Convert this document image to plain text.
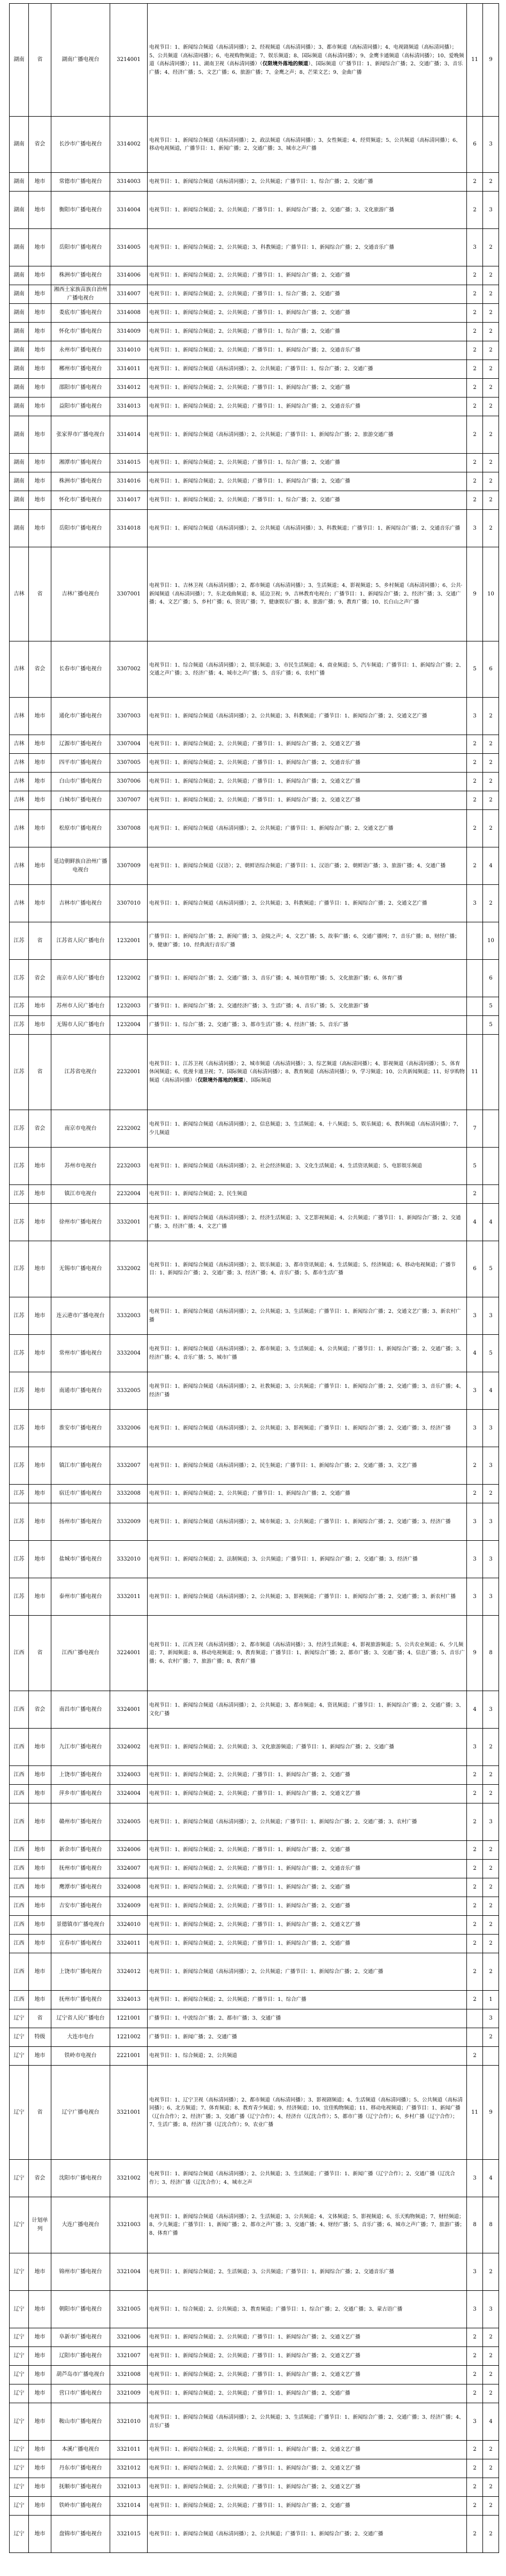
湖南	省	湖南广播电视台	3214001	电视节目：1、新闻综合频道（高标清同播）；2、经视频道（高标清同播）；3、都市频道（高标清同播）；4、电视剧频道（高标清同播）；5、公共频道（高标清同播）；6、电视购物频道；7、娱乐频道；8、国际频道（高标清同播）；9、金鹰卡通频道（高标清同播）；10、爱晚频道（高标清同播）；11、湖南卫视（高标清同播）（仅限境外落地的频道）、国际频道（广播节目：1、新闻综合广播；2、交通广播；3、音乐广播；4、经济广播；5、文艺广播；6、旅游广播；7、金鹰之声；8、芒果文艺；9、金曲广播	11	9
湖南	省会	长沙市广播电视台	3314002	电视节目：1、新闻综合频道（高标清同播）；2、政法频道（高标清同播）；3、女性频道；4、经贸频道；5、公共频道（高标清同播）；6、移动电视频道，广播节目：1、新闻广播；2、交通广播；3、城市之声广播	6	3
湖南	地市	常德市广播电视台	3314003	电视节目：1、新闻综合频道（高标清同播）；2、公共频道；广播节目：1、综合广播；2、交通广播	2	2
湖南	地市	衡阳市广播电视台	3314004	电视节目：1、新闻综合频道；2、公共频道；广播节目：1、新闻综合广播；2、交通广播；3、文化旅游广播	2	3
湖南	地市	岳阳市广播电视台	3314005	电视节目：1、新闻综合频道；2、公共频道；3、科教频道；广播节目：1、新闻综合广播；2、交通音乐广播	3	2
湖南	地市	株洲市广播电视台	3314006	电视节目：1、新闻综合频道；2、公共频道；广播节目：1、新闻综合广播；2、交通广播	2	2
湖南	地市	湘西土家族苗族自治州广播电视台	3314007	电视节目：1、新闻综合频道；2、公共频道；广播节目：1、综合广播；2、交通广播	2	2
湖南	地市	娄底市广播电视台	3314008	电视节目：1、新闻综合频道；2、公共频道；广播节目：1、新闻综合广播；2、交通广播	2	2
湖南	地市	怀化市广播电视台	3314009	电视节目：1、新闻综合频道；2、公共频道；广播节目：1、综合广播；2、交通广播	2	2
湖南	地市	永州市广播电视台	3314010	电视节目：1、新闻综合频道；2、公共频道；广播节目：1、新闻综合广播；2、交通音乐广播	2	2
湖南	地市	郴州市广播电视台	3314011	电视节目：1、新闻综合频道（高标清同播）；2、公共频道；广播节目：1、综合广播；2、交通广播	2	2
湖南	地市	邵阳市广播电视台	3314012	电视节目：1、新闻综合频道；2、公共频道；广播节目：1、新闻综合广播；2、交通广播	2	2
湖南	地市	益阳市广播电视台	3314013	电视节目：1、新闻综合频道；2、公共频道；广播节目：1、新闻综合广播；2、交通音乐广播	2	2
湖南	地市	张家界市广播电视台	3314014	电视节目：1、新闻综合频道（高标清同播）；2、公共频道；广播节目：1、新闻综合广播；2、旅游交通广播	2	2
湖南	地市	湘潭市广播电视台	3314015	电视节目：1、新闻综合频道；2、公共频道；广播节目：1、综合广播；2、交通广播	2	2
湖南	地市	株洲市广播电视台	3314016	电视节目：1、新闻综合频道；2、公共频道；广播节目：1、新闻综合广播；2、交通广播	2	2
湖南	地市	怀化市广播电视台	3314017	电视节目：1、新闻综合频道；2、公共频道；广播节目：1、综合广播；2、交通广播	2	2
湖南	地市	岳阳市广播电视台	3314018	电视节目：1、新闻综合频道（高标清同播）；2、公共频道（高标清同播）；3、科教频道；广播节目：1、新闻综合广播；2、交通音乐广播	3	2
吉林	省	吉林广播电视台	3307001	电视节目：1、吉林卫视（高标清同播）；2、都市频道（高标清同播）；3、生活频道；4、影视频道；5、乡村频道（高标清同播）；6、公共·新闻频道（高标清同播）；7、东北戏曲频道；8、延边卫视；9、吉林教育电视台；广播节目：1、新闻综合广播；2、经济广播；3、交通广播；4、文艺广播；5、乡村广播；6、资讯广播；7、健康娱乐广播；8、旅游广播；9、教育广播；10、长白山之声广播	9	10
吉林	省会	长春市广播电视台	3307002	电视节目：1、综合频道（高标清同播）；2、娱乐频道；3、市民生活频道；4、商业频道；5、汽车频道；广播节目：1、新闻综合广播；2、交通之声广播；3、经济广播；4、城市之声广播；5、音乐广播；6、农村广播	5	6
吉林	地市	通化市广播电视台	3307003	电视节目：1、新闻综合频道（高标清同播）；2、公共频道；3、科教频道；广播节目：1、新闻综合广播；2、交通文艺广播	3	2
吉林	地市	辽源市广播电视台	3307004	电视节目：1、新闻综合频道；2、公共频道；广播节目：1、新闻综合广播；2、交通文艺广播	2	2
吉林	地市	四平市广播电视台	3307005	电视节目：1、新闻综合频道；2、公共频道；广播节目：1、新闻综合广播；2、交通音乐广播	2	2
吉林	地市	白山市广播电视台	3307006	电视节目：1、新闻综合频道；2、公共频道；广播节目：1、新闻综合广播；2、交通文艺广播	2	2
吉林	地市	白城市广播电视台	3307007	电视节目：1、新闻综合频道；2、公共频道；广播节目：1、新闻综合广播；2、交通文艺广播	2	2
吉林	地市	松原市广播电视台	3307008	电视节目：1、新闻综合频道（高标清同播）；2、公共频道；广播节目：1、新闻综合广播；2、交通文艺广播	2	2
吉林	地市	延边朝鲜族自治州广播电视台	3307009	电视节目：1、新闻综合频道（汉语）；2、朝鲜语综合频道；广播节目：1、汉语广播；2、朝鲜语广播；3、旅游广播；4、交通广播	2	4
吉林	地市	吉林市广播电视台	3307010	电视节目：1、新闻综合频道（高标清同播）；2、公共频道；3、科教频道；广播节目：1、新闻综合广播；2、交通文艺广播	3	2
江苏	省	江苏省人民广播电台	1232001	广播节目：1、新闻综合广播；2、新闻广播；3、金陵之声；4、文艺广播；5、故事广播；6、交通广播网；7、音乐广播；8、财经广播；9、健康广播；10、经典流行音乐广播		10
江苏	省会	南京市人民广播电台	1232002	广播节目：1、新闻综合广播；2、交通广播；3、音乐广播；4、城市管理广播；5、文化旅游广播；6、体育广播		6
江苏	地市	苏州市人民广播电台	1232003	广播节目：1、新闻综合广播；2、交通经济广播；3、生活广播；4、音乐广播；5、文化旅游广播		5
江苏	地市	无锡市人民广播电台	1232004	广播节目：1、综合广播；2、交通广播；3、都市生活广播；4、经济广播；5、音乐广播		5
江苏	省	江苏省电视台	2232001	电视节目：1、江苏卫视（高标清同播）；2、城市频道（高标清同播）；3、综艺频道（高标清同播）；4、影视频道（高标清同播）；5、体育休闲频道；6、优漫卡通卫视；7、国际频道（高标清同播）；8、教育频道（高标清同播）；9、学习频道；10、公共新闻频道；11、好享购物频道（高标清同播）（仅限境外落地的频道）、国际频道	11	
江苏	省会	南京市电视台	2232002	电视节目：1、新闻综合频道（高标清同播）；2、信息频道；3、生活频道；4、十八频道；5、娱乐频道；6、教科频道（高标清同播）；7、少儿频道	7	
江苏	地市	苏州市电视台	2232003	电视节目：1、新闻综合频道（高标清同播）；2、社会经济频道；3、文化生活频道；4、生活资讯频道；5、电影娱乐频道	5	
江苏	地市	镇江市电视台	2232004	电视节目：1、新闻综合频道；2、民生频道	2	
江苏	地市	徐州市广播电视台	3332001	电视节目：1、新闻综合频道（高标清同播）；2、经济生活频道；3、文艺影视频道；4、公共频道；广播节目：1、新闻综合广播；2、交通广播；3、经济广播；4、文艺广播	4	4
江苏	地市	无锡市广播电视台	3332002	电视节目：1、新闻综合频道（高标清同播）；2、娱乐频道；3、都市资讯频道；4、生活频道；5、经济频道；6、移动电视频道；广播节目：1、新闻综合广播；2、交通广播；3、经济广播；4、音乐广播；5、都市生活广播	6	5
江苏	地市	连云港市广播电视台	3332003	电视节目：1、新闻综合频道（高标清同播）；2、公共频道；3、生活频道；广播节目：1、新闻综合广播；2、交通文艺广播；3、新农村广播	3	3
江苏	地市	常州市广播电视台	3332004	电视节目：1、新闻综合频道（高标清同播）；2、都市频道；3、生活频道；4、公共频道；广播节目：1、新闻综合广播；2、交通广播；3、经济广播；4、音乐广播；5、城市广播	4	5
江苏	地市	南通市广播电视台	3332005	电视节目：1、新闻综合频道（高标清同播）；2、社教频道；3、公共频道；广播节目：1、新闻综合广播；2、交通广播；3、音乐广播；4、经济广播	3	4
江苏	地市	淮安市广播电视台	3332006	电视节目：1、新闻综合频道（高标清同播）；2、公共频道；3、影视频道；广播节目：1、新闻综合广播；2、交通广播；3、经济广播	3	3
江苏	地市	镇江市广播电视台	3332007	电视节目：1、新闻综合频道（高标清同播）；2、民生频道；广播节目：1、新闻综合广播；2、交通广播；3、文艺广播	2	3
江苏	地市	宿迁市广播电视台	3332008	电视节目：1、新闻综合频道；2、公共频道；广播节目：1、新闻综合广播；2、交通广播	2	2
江苏	地市	扬州市广播电视台	3332009	电视节目：1、新闻综合频道（高标清同播）；2、城市频道；3、公共频道；广播节目：1、新闻综合广播；2、交通广播；3、经济广播	3	3
江苏	地市	盐城市广播电视台	3332010	电视节目：1、新闻综合频道；2、法制频道；3、公共频道；广播节目：1、新闻综合广播；2、交通广播；3、经济广播	3	3
江苏	地市	泰州市广播电视台	3332011	电视节目：1、新闻综合频道（高标清同播）；2、公共频道；3、影视频道；广播节目：1、新闻综合广播；2、交通广播；3、新农村广播	3	3
江西	省	江西广播电视台	3224001	电视节目：1、江西卫视（高标清同播）；2、都市频道（高标清同播）；3、经济生活频道；4、影视旅游频道；5、公共农业频道；6、少儿频道；7、新闻频道；8、移动电视频道；9、教育频道；广播节目：1、新闻综合广播；2、都市广播；3、交通广播；4、信息广播；5、音乐广播；6、农村广播；7、旅游广播；8、教育广播	9	8
江西	省会	南昌市广播电视台	3324001	电视节目：1、新闻综合频道（高标清同播）；2、公共频道；3、都市频道；4、资讯频道；广播节目：1、新闻综合广播；2、交通广播；3、文化广播	4	3
江西	地市	九江市广播电视台	3324002	电视节目：1、新闻综合频道；2、公共频道；3、文化旅游频道；广播节目：1、新闻综合广播；2、交通广播	3	2
江西	地市	上饶市广播电视台	3324003	电视节目：1、新闻综合频道；2、公共频道；广播节目：1、新闻综合广播；2、交通广播	2	2
江西	地市	萍乡市广播电视台	3324004	电视节目：1、新闻综合频道；2、公共频道；广播节目：1、新闻综合广播；2、交通文艺广播	2	2
江西	地市	赣州市广播电视台	3324005	电视节目：1、新闻综合频道（高标清同播）；2、公共频道；广播节目：1、新闻综合广播；2、交通广播；3、农村广播	2	3
江西	地市	新余市广播电视台	3324006	电视节目：1、新闻综合频道；2、公共频道；广播节目：1、新闻综合广播；2、交通广播	2	2
江西	地市	抚州市广播电视台	3324007	电视节目：1、新闻综合频道；2、公共频道；广播节目：1、新闻综合广播；2、交通音乐广播	2	2
江西	地市	鹰潭市广播电视台	3324008	电视节目：1、新闻综合频道；2、公共频道；广播节目：1、新闻综合广播；2、交通广播	2	2
江西	地市	吉安市广播电视台	3324009	电视节目：1、新闻综合频道；2、公共频道；广播节目：1、新闻综合广播；2、交通广播	2	2
江西	地市	景德镇市广播电视台	3324010	电视节目：1、新闻综合频道；2、公共频道；广播节目：1、新闻综合广播；2、交通文艺广播	2	2
江西	地市	宜春市广播电视台	3324011	电视节目：1、新闻综合频道；2、公共频道；广播节目：1、新闻综合广播；2、交通广播	2	2
江西	地市	上饶市广播电视台	3324012	电视节目：1、新闻综合频道（高标清同播）；2、公共频道；广播节目：1、新闻综合广播；2、交通广播	2	2
江西	地市	抚州市广播电视台	3324013	电视节目：1、新闻综合频道；2、公共频道；广播节目：1、综合广播	2	1
辽宁	省	辽宁省人民广播电台	1221001	广播节目：1、中波综合广播；2、都市广播；3、交通广播		3
辽宁	特级	大连市电台	1221002	广播节目：1、新闻广播；2、交通广播		2
辽宁	地市	铁岭市电视台	2221001	电视节目：1、综合频道；2、公共频道	2	
辽宁	省	辽宁广播电视台	3321001	电视节目：1、辽宁卫视（高标清同播）；2、都市频道（高标清同播）；3、影视剧频道；4、生活频道（高标清同播）；5、公共频道（高标清同播）；6、北方频道；7、体育频道；8、教育青少频道；9、经济频道；10、宜佳购物频道；11、移动电视频道；广播节目：1、新闻广播（辽台合作）；2、经济广播；3、交通广播（辽宁合作）；4、经济台（辽沈合作）；5、都市广播（辽宁合作）；6、乡村广播（辽宁合作）；7、生活广播；8、经济广播（辽沈合作）；9、农业广播	11	9
辽宁	省会	沈阳市广播电视台	3321002	电视节目：1、新闻综合频道（高标清同播）；2、公共频道；3、生活频道；广播节目：1、新闻广播（辽宁合作）；2、交通广播（辽沈合作）；3、经济广播（辽沈合作）；4、城市之声	3	4
辽宁	计划单列	大连广播电视台	3321003	电视节目：1、新闻综合频道（高标清同播）；2、生活频道；3、公共频道；4、文体频道；5、影视频道；6、乐天购物频道；7、财经频道；8、少儿频道；广播节目：1、新闻广播；2、都市之声广播；3、交通广播；4、财经广播；5、音乐广播；6、城市之声广播；7、旅游广播；8、体育广播	8	8
辽宁	地市	锦州市广播电视台	3321004	电视节目：1、新闻综合频道；2、生活频道；3、公共频道；广播节目：1、新闻综合广播；2、交通音乐广播	3	2
辽宁	地市	朝阳市广播电视台	3321005	电视节目：1、综合频道；2、公共频道；3、教育频道；广播节目：1、综合广播；2、交通广播；3、蒙古语广播	3	3
辽宁	地市	阜新市广播电视台	3321006	电视节目：1、新闻综合频道；2、公共频道；广播节目：1、新闻综合广播；2、交通文艺广播	2	2
辽宁	地市	辽阳市广播电视台	3321007	电视节目：1、新闻综合频道；2、公共频道；广播节目：1、新闻综合广播；2、交通文艺广播	2	2
辽宁	地市	葫芦岛市广播电视台	3321008	电视节目：1、新闻综合频道；2、公共频道；广播节目：1、新闻综合广播；2、交通文艺广播	2	2
辽宁	地市	营口市广播电视台	3321009	电视节目：1、新闻综合频道；2、公共频道；广播节目：1、新闻综合广播；2、交通广播	2	2
辽宁	地市	鞍山市广播电视台	3321010	电视节目：1、新闻综合频道（高标清同播）；2、公共频道；3、生活频道；广播节目：1、新闻综合广播；2、交通广播；3、经济广播；4、音乐广播	3	4
辽宁	地市	本溪广播电视台	3321011	电视节目：1、新闻综合频道；2、公共频道；广播节目：1、新闻综合广播；2、交通文艺广播	2	2
辽宁	地市	丹东市广播电视台	3321012	电视节目：1、新闻综合频道；2、公共频道；广播节目：1、新闻综合广播；2、交通文艺广播	2	2
辽宁	地市	抚顺市广播电视台	3321013	电视节目：1、新闻综合频道；2、公共频道；广播节目：1、新闻综合广播；2、交通文艺广播	2	2
辽宁	地市	铁岭市广播电视台	3321014	电视节目：1、新闻综合频道；2、公共频道；广播节目：1、新闻综合广播；2、交通广播	2	2
辽宁	地市	盘锦市广播电视台	3321015	电视节目：1、新闻综合频道（高标清同播）；2、公共频道；广播节目：1、新闻综合广播；2、交通广播	2	2
